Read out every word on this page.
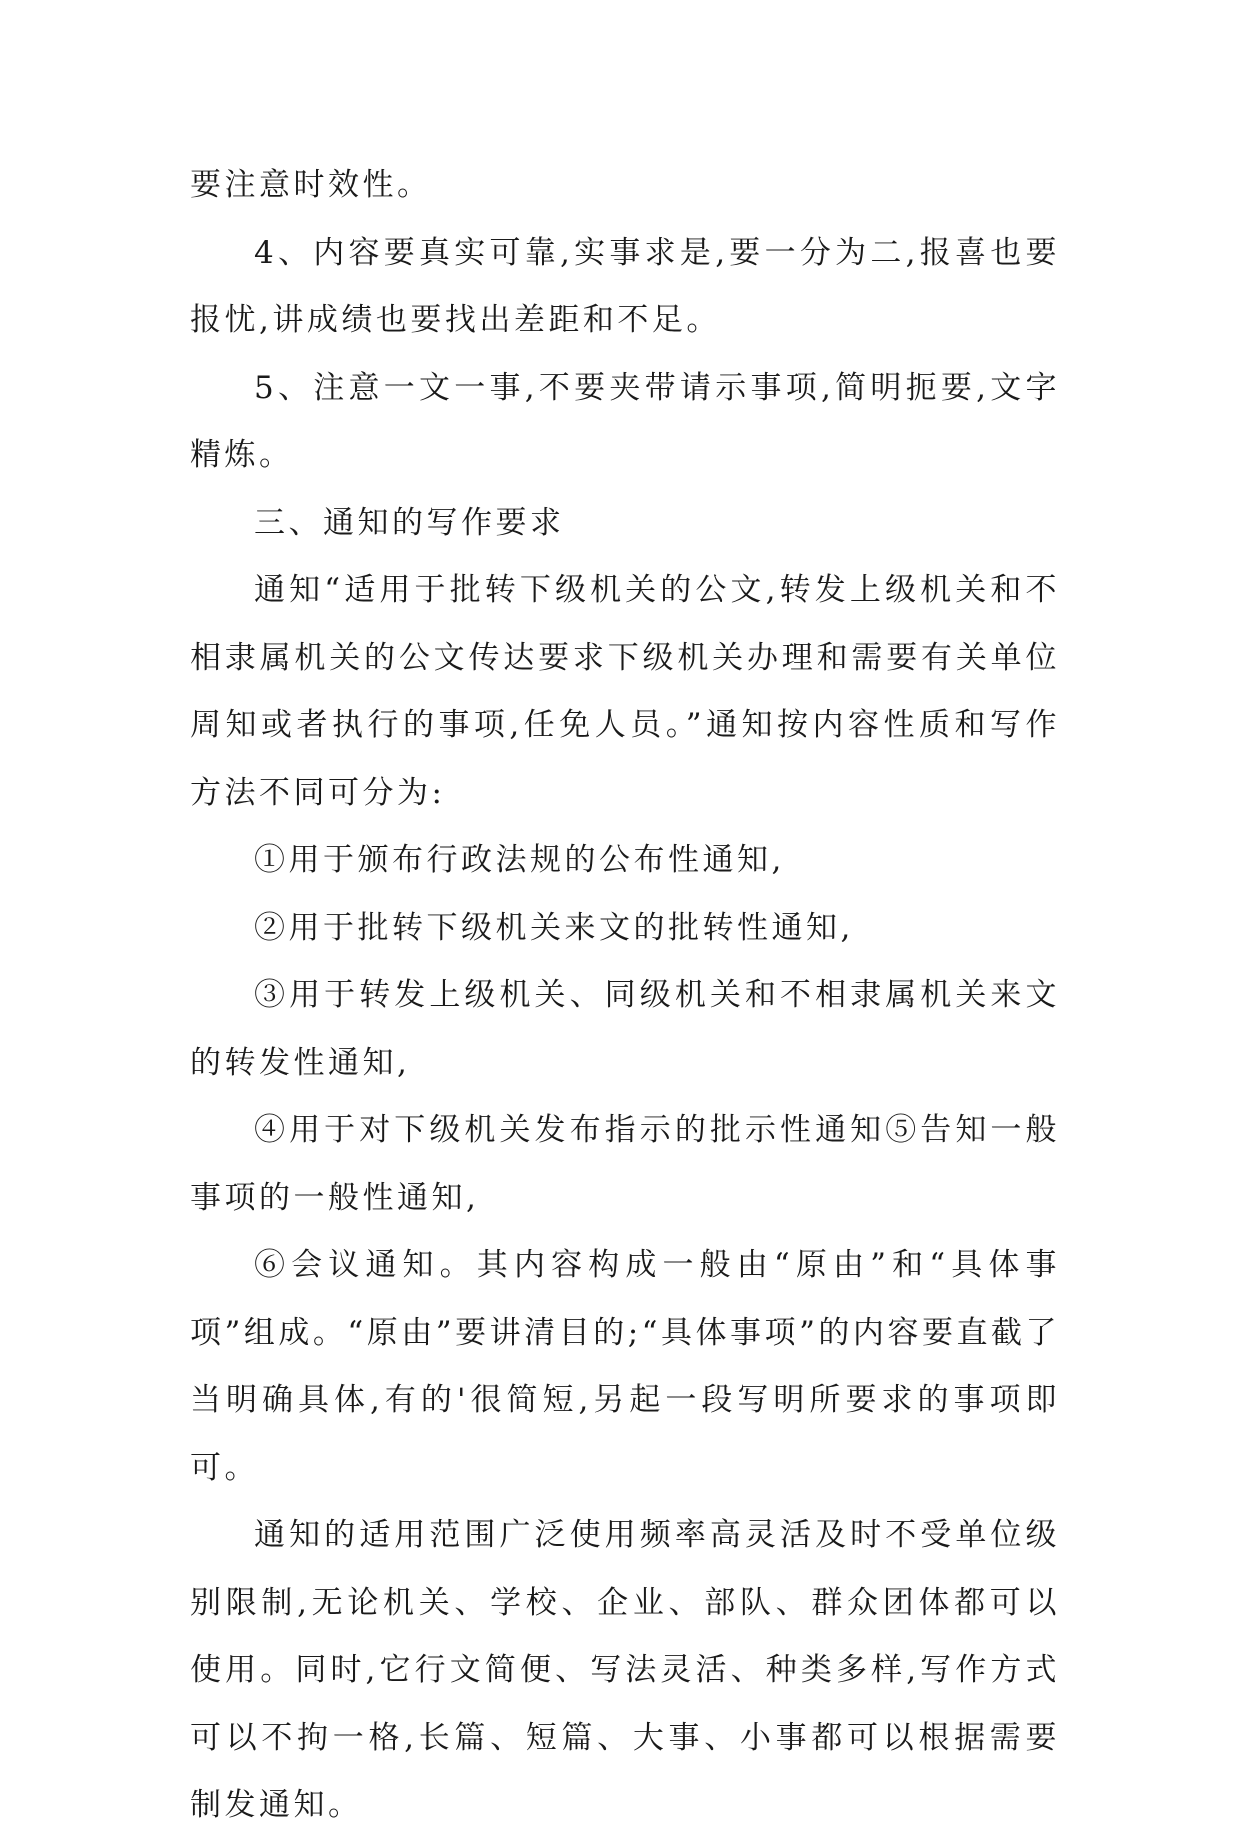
要注意时效性。

4、内容要真实可靠,实事求是,要一分为二,报喜也要报忧,讲成绩也要找出差距和不足。

5、注意一文一事,不要夹带请示事项,简明扼要,文字精炼。

三、通知的写作要求

通知“适用于批转下级机关的公文,转发上级机关和不相隶属机关的公文传达要求下级机关办理和需要有关单位周知或者执行的事项,任免人员。”通知按内容性质和写作方法不同可分为:

①用于颁布行政法规的公布性通知,

②用于批转下级机关来文的批转性通知,

③用于转发上级机关、同级机关和不相隶属机关来文的转发性通知,

④用于对下级机关发布指示的批示性通知⑤告知一般事项的一般性通知,

⑥会议通知。其内容构成一般由“原由”和“具体事项”组成。“原由”要讲清目的;“具体事项”的内容要直截了当明确具体,有的'很简短,另起一段写明所要求的事项即可。

通知的适用范围广泛使用频率高灵活及时不受单位级别限制,无论机关、学校、企业、部队、群众团体都可以使用。同时,它行文简便、写法灵活、种类多样,写作方式可以不拘一格,长篇、短篇、大事、小事都可以根据需要制发通知。
